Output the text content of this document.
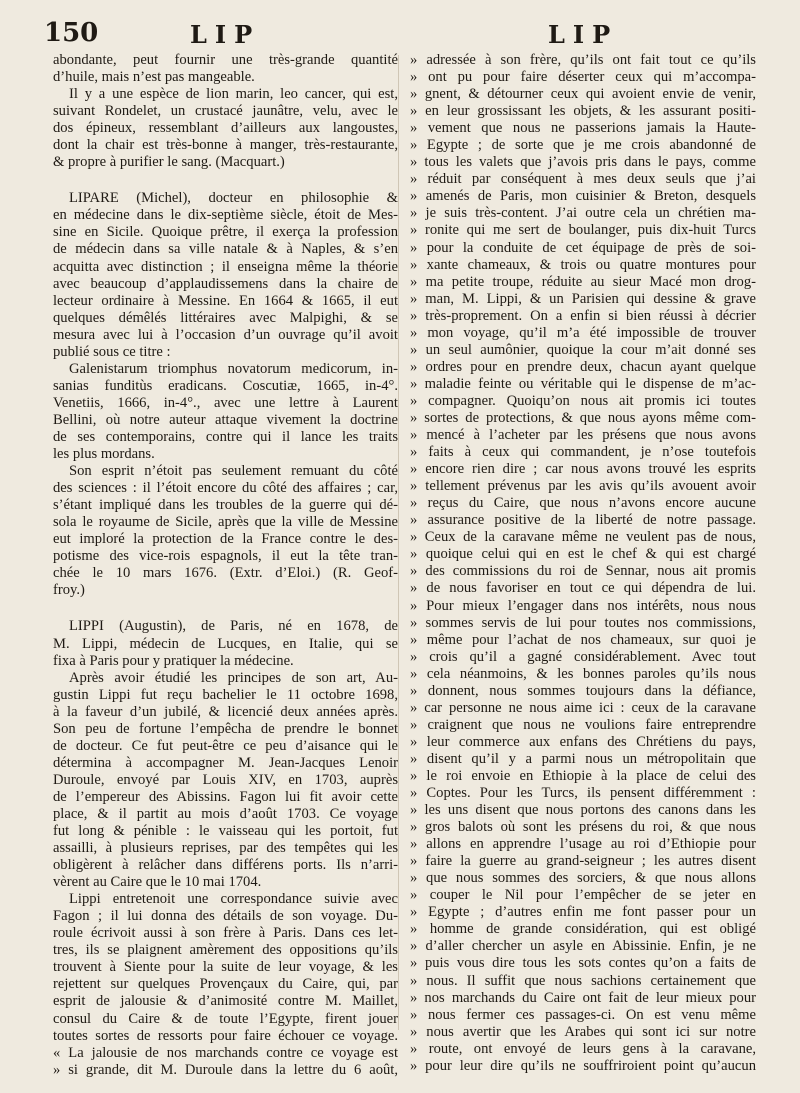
150	LIP	LIP
abondante, peut fournir une très-grande quantité
d’huile, mais n’est pas mangeable.
Il y a une espèce de lion marin, leo cancer, qui est,
suivant Rondelet, un crustacé jaunâtre, velu, avec le
dos épineux, ressemblant d’ailleurs aux langoustes,
dont la chair est très-bonne à manger, très-restaurante,
& propre à purifier le sang. (Macquart.)
LIPARE (Michel), docteur en philosophie &
en médecine dans le dix-septième siècle, étoit de Mes-
sine en Sicile. Quoique prêtre, il exerça la profession
de médecin dans sa ville natale & à Naples, & s’en
acquitta avec distinction ; il enseigna même la théorie
avec beaucoup d’applaudissemens dans la chaire de
lecteur ordinaire à Messine. En 1664 & 1665, il eut
quelques démêlés littéraires avec Malpighi, & se
mesura avec lui à l’occasion d’un ouvrage qu’il avoit
publié sous ce titre :
Galenistarum triomphus novatorum medicorum, in-
sanias funditùs eradicans. Coscutiæ, 1665, in-4°.
Venetiis, 1666, in-4°., avec une lettre à Laurent
Bellini, où notre auteur attaque vivement la doctrine
de ses contemporains, contre qui il lance les traits
les plus mordans.
Son esprit n’étoit pas seulement remuant du côté
des sciences : il l’étoit encore du côté des affaires ; car,
s’étant impliqué dans les troubles de la guerre qui dé-
sola le royaume de Sicile, après que la ville de Messine
eut imploré la protection de la France contre le des-
potisme des vice-rois espagnols, il eut la tête tran-
chée le 10 mars 1676. (Extr. d’Eloi.) (R. Geof-
froy.)
LIPPI (Augustin), de Paris, né en 1678, de
M. Lippi, médecin de Lucques, en Italie, qui se
fixa à Paris pour y pratiquer la médecine.
Après avoir étudié les principes de son art, Au-
gustin Lippi fut reçu bachelier le 11 octobre 1698,
à la faveur d’un jubilé, & licencié deux années après.
Son peu de fortune l’empêcha de prendre le bonnet
de docteur. Ce fut peut-être ce peu d’aisance qui le
détermina à accompagner M. Jean-Jacques Lenoir
Duroule, envoyé par Louis XIV, en 1703, auprès
de l’empereur des Abissins. Fagon lui fit avoir cette
place, & il partit au mois d’août 1703. Ce voyage
fut long & pénible : le vaisseau qui les portoit, fut
assailli, à plusieurs reprises, par des tempêtes qui les
obligèrent à relâcher dans différens ports. Ils n’arri-
vèrent au Caire que le 10 mai 1704.
Lippi entretenoit une correspondance suivie avec
Fagon ; il lui donna des détails de son voyage. Du-
roule écrivoit aussi à son frère à Paris. Dans ces let-
tres, ils se plaignent amèrement des oppositions qu’ils
trouvent à Siente pour la suite de leur voyage, & les
rejettent sur quelques Provençaux du Caire, qui, par
esprit de jalousie & d’animosité contre M. Maillet,
consul du Caire & de toute l’Egypte, firent jouer
toutes sortes de ressorts pour faire échouer ce voyage.
« La jalousie de nos marchands contre ce voyage est
» si grande, dit M. Duroule dans la lettre du 6 août,
» adressée à son frère, qu’ils ont fait tout ce qu’ils
» ont pu pour faire déserter ceux qui m’accompa-
» gnent, & détourner ceux qui avoient envie de venir,
» en leur grossissant les objets, & les assurant positi-
» vement que nous ne passerions jamais la Haute-
» Egypte ; de sorte que je me crois abandonné de
» tous les valets que j’avois pris dans le pays, comme
» réduit par conséquent à mes deux seuls que j’ai
» amenés de Paris, mon cuisinier & Breton, desquels
» je suis très-content. J’ai outre cela un chrétien ma-
» ronite qui me sert de boulanger, puis dix-huit Turcs
» pour la conduite de cet équipage de près de soi-
» xante chameaux, & trois ou quatre montures pour
» ma petite troupe, réduite au sieur Macé mon drog-
» man, M. Lippi, & un Parisien qui dessine & grave
» très-proprement. On a enfin si bien réussi à décrier
» mon voyage, qu’il m’a été impossible de trouver
» un seul aumônier, quoique la cour m’ait donné ses
» ordres pour en prendre deux, chacun ayant quelque
» maladie feinte ou véritable qui le dispense de m’ac-
» compagner. Quoiqu’on nous ait promis ici toutes
» sortes de protections, & que nous ayons même com-
» mencé à l’acheter par les présens que nous avons
» faits à ceux qui commandent, je n’ose toutefois
» encore rien dire ; car nous avons trouvé les esprits
» tellement prévenus par les avis qu’ils avouent avoir
» reçus du Caire, que nous n’avons encore aucune
» assurance positive de la liberté de notre passage.
» Ceux de la caravane même ne veulent pas de nous,
» quoique celui qui en est le chef & qui est chargé
» des commissions du roi de Sennar, nous ait promis
» de nous favoriser en tout ce qui dépendra de lui.
» Pour mieux l’engager dans nos intérêts, nous nous
» sommes servis de lui pour toutes nos commissions,
» même pour l’achat de nos chameaux, sur quoi je
» crois qu’il a gagné considérablement. Avec tout
» cela néanmoins, & les bonnes paroles qu’ils nous
» donnent, nous sommes toujours dans la défiance,
» car personne ne nous aime ici : ceux de la caravane
» craignent que nous ne voulions faire entreprendre
» leur commerce aux enfans des Chrétiens du pays,
» disent qu’il y a parmi nous un métropolitain que
» le roi envoie en Ethiopie à la place de celui des
» Coptes. Pour les Turcs, ils pensent différemment :
» les uns disent que nous portons des canons dans les
» gros balots où sont les présens du roi, & que nous
» allons en apprendre l’usage au roi d’Ethiopie pour
» faire la guerre au grand-seigneur ; les autres disent
» que nous sommes des sorciers, & que nous allons
» couper le Nil pour l’empêcher de se jeter en
» Egypte ; d’autres enfin me font passer pour un
» homme de grande considération, qui est obligé
» d’aller chercher un asyle en Abissinie. Enfin, je ne
» puis vous dire tous les sots contes qu’on a faits de
» nous. Il suffit que nous sachions certainement que
» nos marchands du Caire ont fait de leur mieux pour
» nous fermer ces passages-ci. On est venu même
» nous avertir que les Arabes qui sont ici sur notre
» route, ont envoyé de leurs gens à la caravane,
» pour leur dire qu’ils ne souffriroient point qu’aucun
